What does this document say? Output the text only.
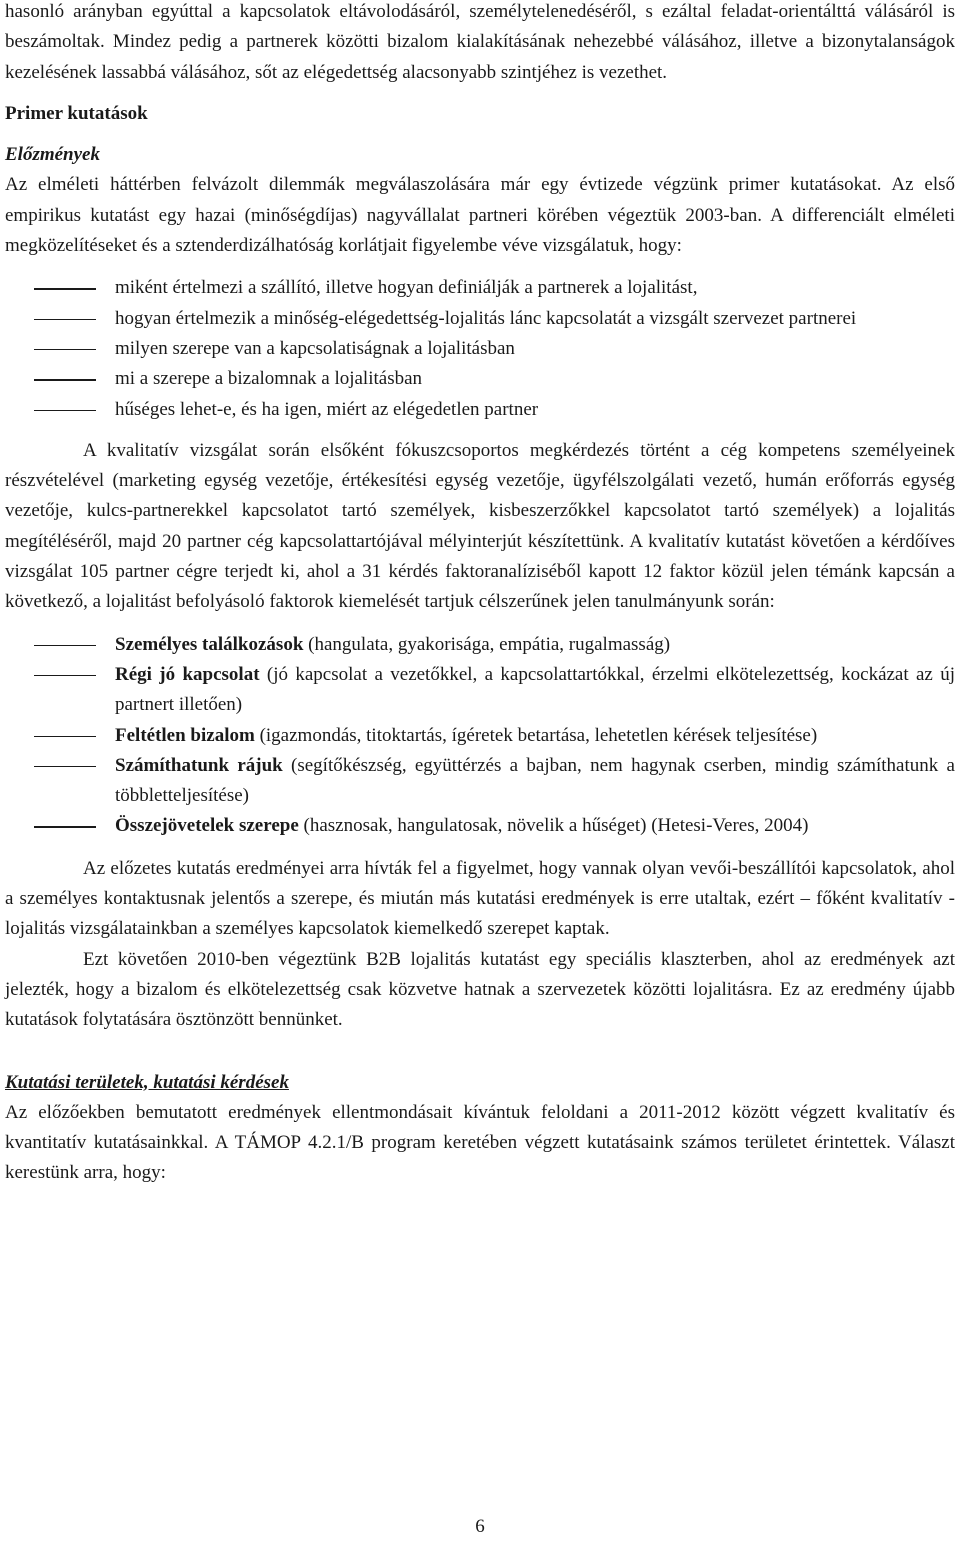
hasonló arányban egyúttal a kapcsolatok eltávolodásáról, személytelenedéséről, s ezáltal feladat-orientálttá válásáról is beszámoltak. Mindez pedig a partnerek közötti bizalom kialakításának nehezebbé válásához, illetve a bizonytalanságok kezelésének lassabbá válásához, sőt az elégedettség alacsonyabb szintjéhez is vezethet.

Primer kutatások
Előzmények

Az elméleti háttérben felvázolt dilemmák megválaszolására már egy évtizede végzünk primer kutatásokat. Az első empirikus kutatást egy hazai (minőségdíjas) nagyvállalat partneri körében végeztük 2003-ban. A differenciált elméleti megközelítéseket és a sztenderdizálhatóság korlátjait figyelembe véve vizsgálatuk, hogy:

miként értelmezi a szállító, illetve hogyan definiálják a partnerek a lojalitást,
hogyan értelmezik a minőség-elégedettség-lojalitás lánc kapcsolatát a vizsgált szervezet partnerei
milyen szerepe van a kapcsolatiságnak a lojalitásban
mi a szerepe a bizalomnak a lojalitásban
hűséges lehet-e, és ha igen, miért az elégedetlen partner

A kvalitatív vizsgálat során elsőként fókuszcsoportos megkérdezés történt a cég kompetens személyeinek részvételével (marketing egység vezetője, értékesítési egység vezetője, ügyfélszolgálati vezető, humán erőforrás egység vezetője, kulcs-partnerekkel kapcsolatot tartó személyek, kisbeszerzőkkel kapcsolatot tartó személyek) a lojalitás megítéléséről, majd 20 partner cég kapcsolattartójával mélyinterjút készítettünk. A kvalitatív kutatást követően a kérdőíves vizsgálat 105 partner cégre terjedt ki, ahol a 31 kérdés faktoranalíziséből kapott 12 faktor közül jelen témánk kapcsán a következő, a lojalitást befolyásoló faktorok kiemelését tartjuk célszerűnek jelen tanulmányunk során:

Személyes találkozások (hangulata, gyakorisága, empátia, rugalmasság)
Régi jó kapcsolat (jó kapcsolat a vezetőkkel, a kapcsolattartókkal, érzelmi elkötelezettség, kockázat az új partnert illetően)
Feltétlen bizalom (igazmondás, titoktartás, ígéretek betartása, lehetetlen kérések teljesítése)
Számíthatunk rájuk (segítőkészség, együttérzés a bajban, nem hagynak cserben, mindig számíthatunk a többletteljesítése)
Összejövetelek szerepe (hasznosak, hangulatosak, növelik a hűséget) (Hetesi-Veres, 2004)

Az előzetes kutatás eredményei arra hívták fel a figyelmet, hogy vannak olyan vevői-beszállítói kapcsolatok, ahol a személyes kontaktusnak jelentős a szerepe, és miután más kutatási eredmények is erre utaltak, ezért – főként kvalitatív - lojalitás vizsgálatainkban a személyes kapcsolatok kiemelkedő szerepet kaptak.

Ezt követően 2010-ben végeztünk B2B lojalitás kutatást egy speciális klaszterben, ahol az eredmények azt jelezték, hogy a bizalom és elkötelezettség csak közvetve hatnak a szervezetek közötti lojalitásra. Ez az eredmény újabb kutatások folytatására ösztönzött bennünket.

Kutatási területek, kutatási kérdések

Az előzőekben bemutatott eredmények ellentmondásait kívántuk feloldani a 2011-2012 között végzett kvalitatív és kvantitatív kutatásainkkal. A TÁMOP 4.2.1/B program keretében végzett kutatásaink számos területet érintettek. Választ kerestünk arra, hogy:

6
